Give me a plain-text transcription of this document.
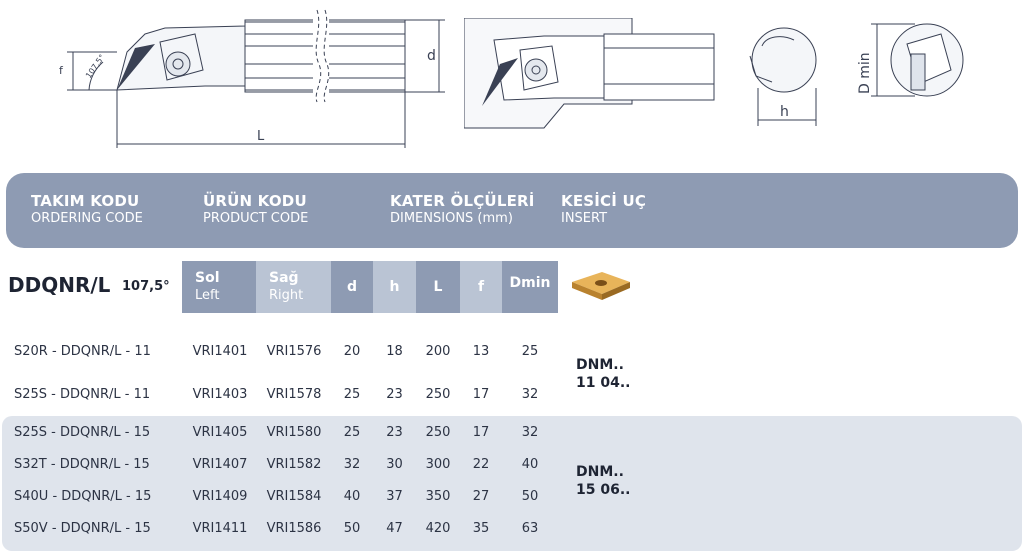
f	107,5°
L
d
h
D min
TAKIM KODU
ORDERING CODE
ÜRÜN KODU
PRODUCT CODE
KATER ÖLÇÜLERİ
DIMENSIONS (mm)
KESİCİ UÇ
INSERT
DDQNR/L 107,5°
Sol
Left
Sağ
Right
d	h	L	f	Dmin
S20R - DDQNR/L - 11	VRI1401	VRI1576	20	18	200	13	25
S25S - DDQNR/L - 11	VRI1403	VRI1578	25	23	250	17	32
S25S - DDQNR/L - 15	VRI1405	VRI1580	25	23	250	17	32
S32T - DDQNR/L - 15	VRI1407	VRI1582	32	30	300	22	40
S40U - DDQNR/L - 15	VRI1409	VRI1584	40	37	350	27	50
S50V - DDQNR/L - 15	VRI1411	VRI1586	50	47	420	35	63
DNM..
11 04..
DNM..
15 06..
